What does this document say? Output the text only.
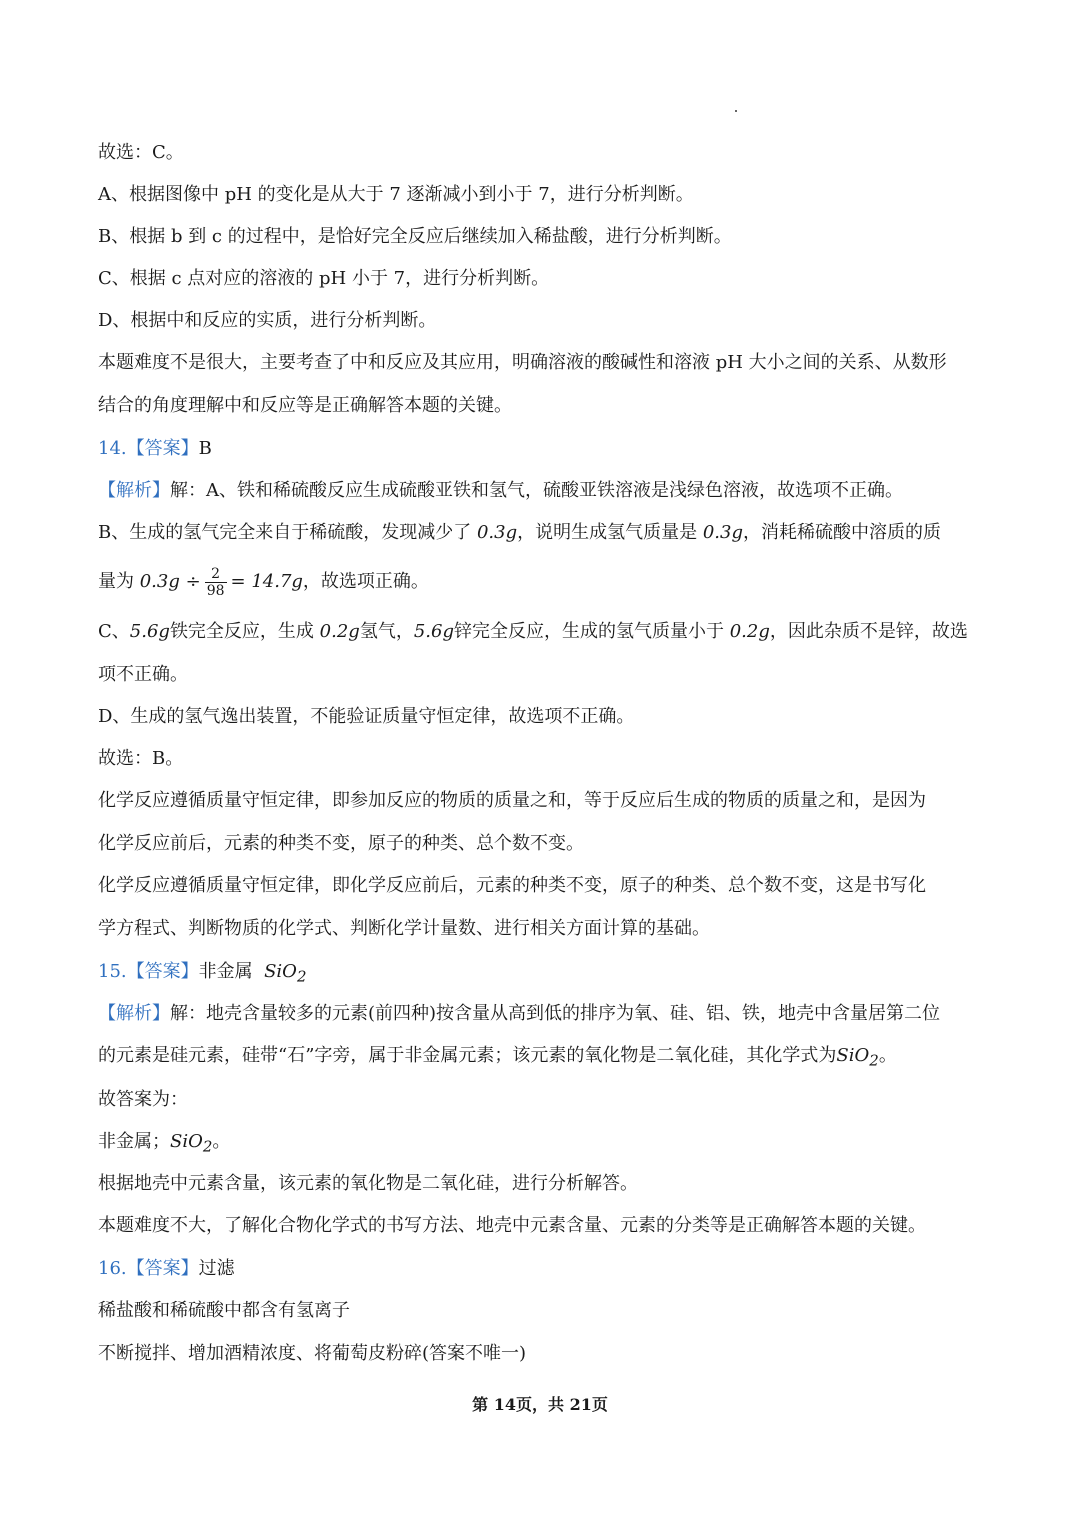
故选：C。
A、根据图像中 pH 的变化是从大于 7 逐渐减小到小于 7，进行分析判断。
B、根据 b 到 c 的过程中，是恰好完全反应后继续加入稀盐酸，进行分析判断。
C、根据 c 点对应的溶液的 pH 小于 7，进行分析判断。
D、根据中和反应的实质，进行分析判断。
本题难度不是很大，主要考查了中和反应及其应用，明确溶液的酸碱性和溶液 pH 大小之间的关系、从数形
结合的角度理解中和反应等是正确解答本题的关键。
14.【答案】B
【解析】解：A、铁和稀硫酸反应生成硫酸亚铁和氢气，硫酸亚铁溶液是浅绿色溶液，故选项不正确。
B、生成的氢气完全来自于稀硫酸，发现减少了 0.3g，说明生成氢气质量是 0.3g，消耗稀硫酸中溶质的质
量为 $0.3g \div \frac{2}{98} = 14.7g$，故选项正确。
C、5.6g铁完全反应，生成 0.2g氢气，5.6g锌完全反应，生成的氢气质量小于 0.2g，因此杂质不是锌，故选
项不正确。
D、生成的氢气逸出装置，不能验证质量守恒定律，故选项不正确。
故选：B。
化学反应遵循质量守恒定律，即参加反应的物质的质量之和，等于反应后生成的物质的质量之和，是因为
化学反应前后，元素的种类不变，原子的种类、总个数不变。
化学反应遵循质量守恒定律，即化学反应前后，元素的种类不变，原子的种类、总个数不变，这是书写化
学方程式、判断物质的化学式、判断化学计量数、进行相关方面计算的基础。
15.【答案】非金属 SiO$_2$
【解析】解：地壳含量较多的元素(前四种)按含量从高到低的排序为氧、硅、铝、铁，地壳中含量居第二位
的元素是硅元素，硅带“石”字旁，属于非金属元素；该元素的氧化物是二氧化硅，其化学式为SiO$_2$。
故答案为：
非金属；SiO$_2$。
根据地壳中元素含量，该元素的氧化物是二氧化硅，进行分析解答。
本题难度不大，了解化合物化学式的书写方法、地壳中元素含量、元素的分类等是正确解答本题的关键。
16.【答案】过滤
稀盐酸和稀硫酸中都含有氢离子
不断搅拌、增加酒精浓度、将葡萄皮粉碎(答案不唯一)
第 14页，共 21页
